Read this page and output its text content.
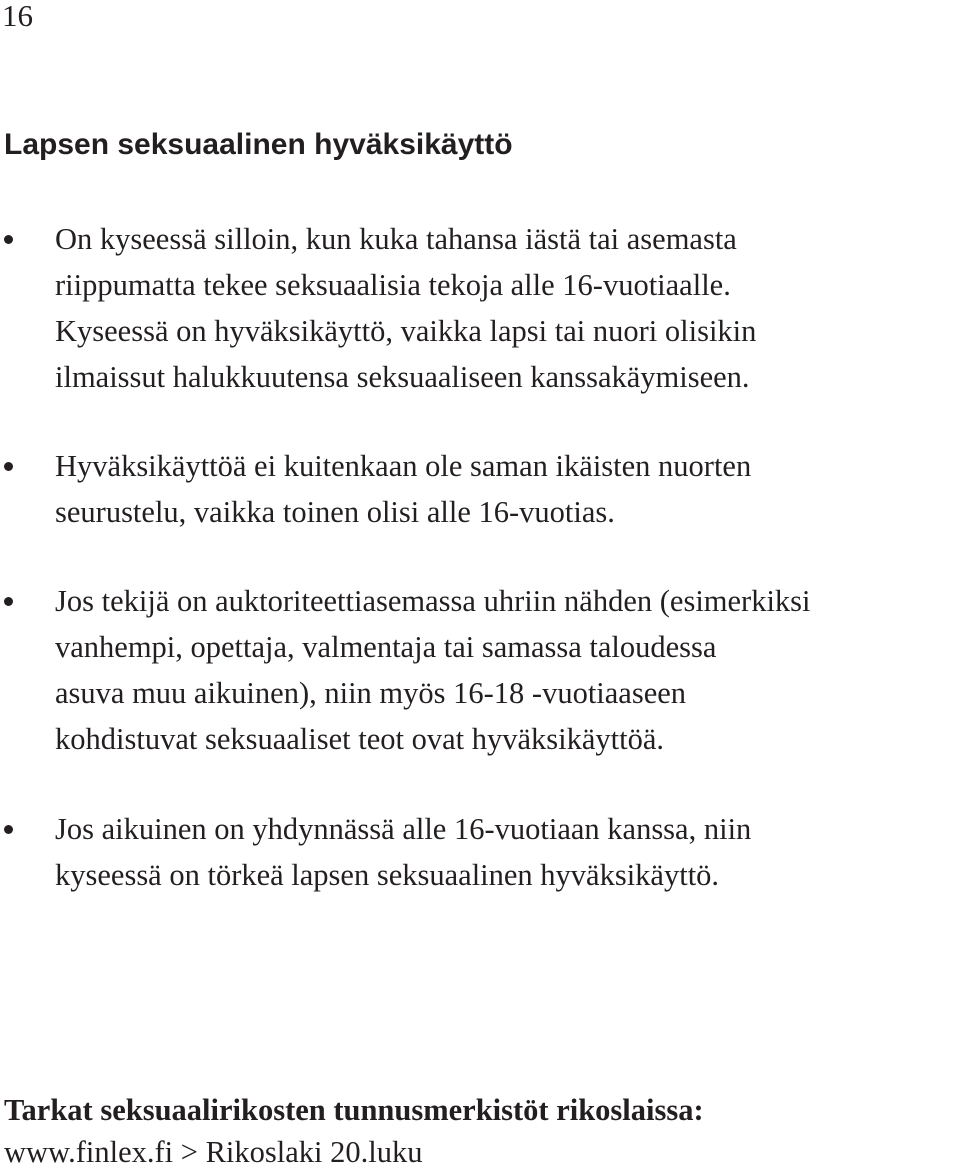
16
Lapsen seksuaalinen hyväksikäyttö
On kyseessä silloin, kun kuka tahansa iästä tai asemasta
riippumatta tekee seksuaalisia tekoja alle 16-vuotiaalle.
Kyseessä on hyväksikäyttö, vaikka lapsi tai nuori olisikin
ilmaissut halukkuutensa seksuaaliseen kanssakäymiseen.
Hyväksikäyttöä ei kuitenkaan ole saman ikäisten nuorten
seurustelu, vaikka toinen olisi alle 16-vuotias.
Jos tekijä on auktoriteettiasemassa uhriin nähden (esimerkiksi
vanhempi, opettaja, valmentaja tai samassa taloudessa
asuva muu aikuinen), niin myös 16-18 -vuotiaaseen
kohdistuvat seksuaaliset teot ovat hyväksikäyttöä.
Jos aikuinen on yhdynnässä alle 16-vuotiaan kanssa, niin
kyseessä on törkeä lapsen seksuaalinen hyväksikäyttö.
Tarkat seksuaalirikosten tunnusmerkistöt rikoslaissa:
www.finlex.fi > Rikoslaki 20.luku
